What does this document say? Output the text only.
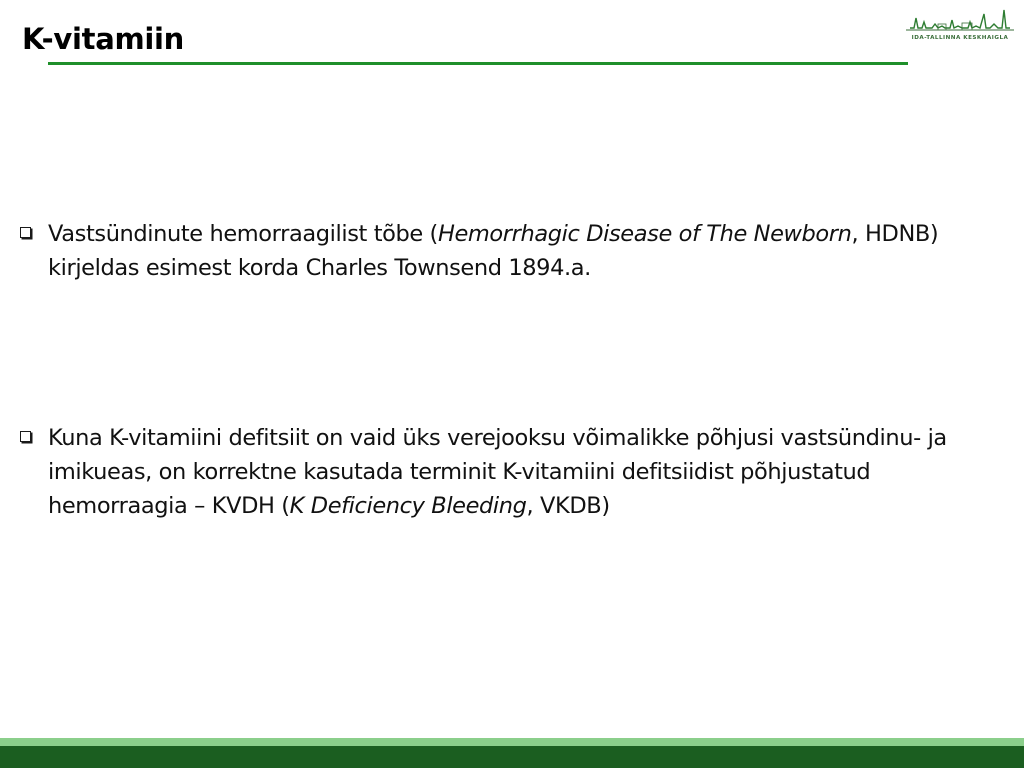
K-vitamiin	IDA-TALLINNA KESKHAIGLA
Vastsündinute hemorraagilist tõbe (Hemorrhagic Disease of The Newborn, HDNB) kirjeldas esimest korda Charles Townsend 1894.a.
Kuna K-vitamiini defitsiit on vaid üks verejooksu võimalikke põhjusi vastsündinu- ja imikueas, on korrektne kasutada terminit K-vitamiini defitsiidist põhjustatud hemorraagia – KVDH (K Deficiency Bleeding, VKDB)
